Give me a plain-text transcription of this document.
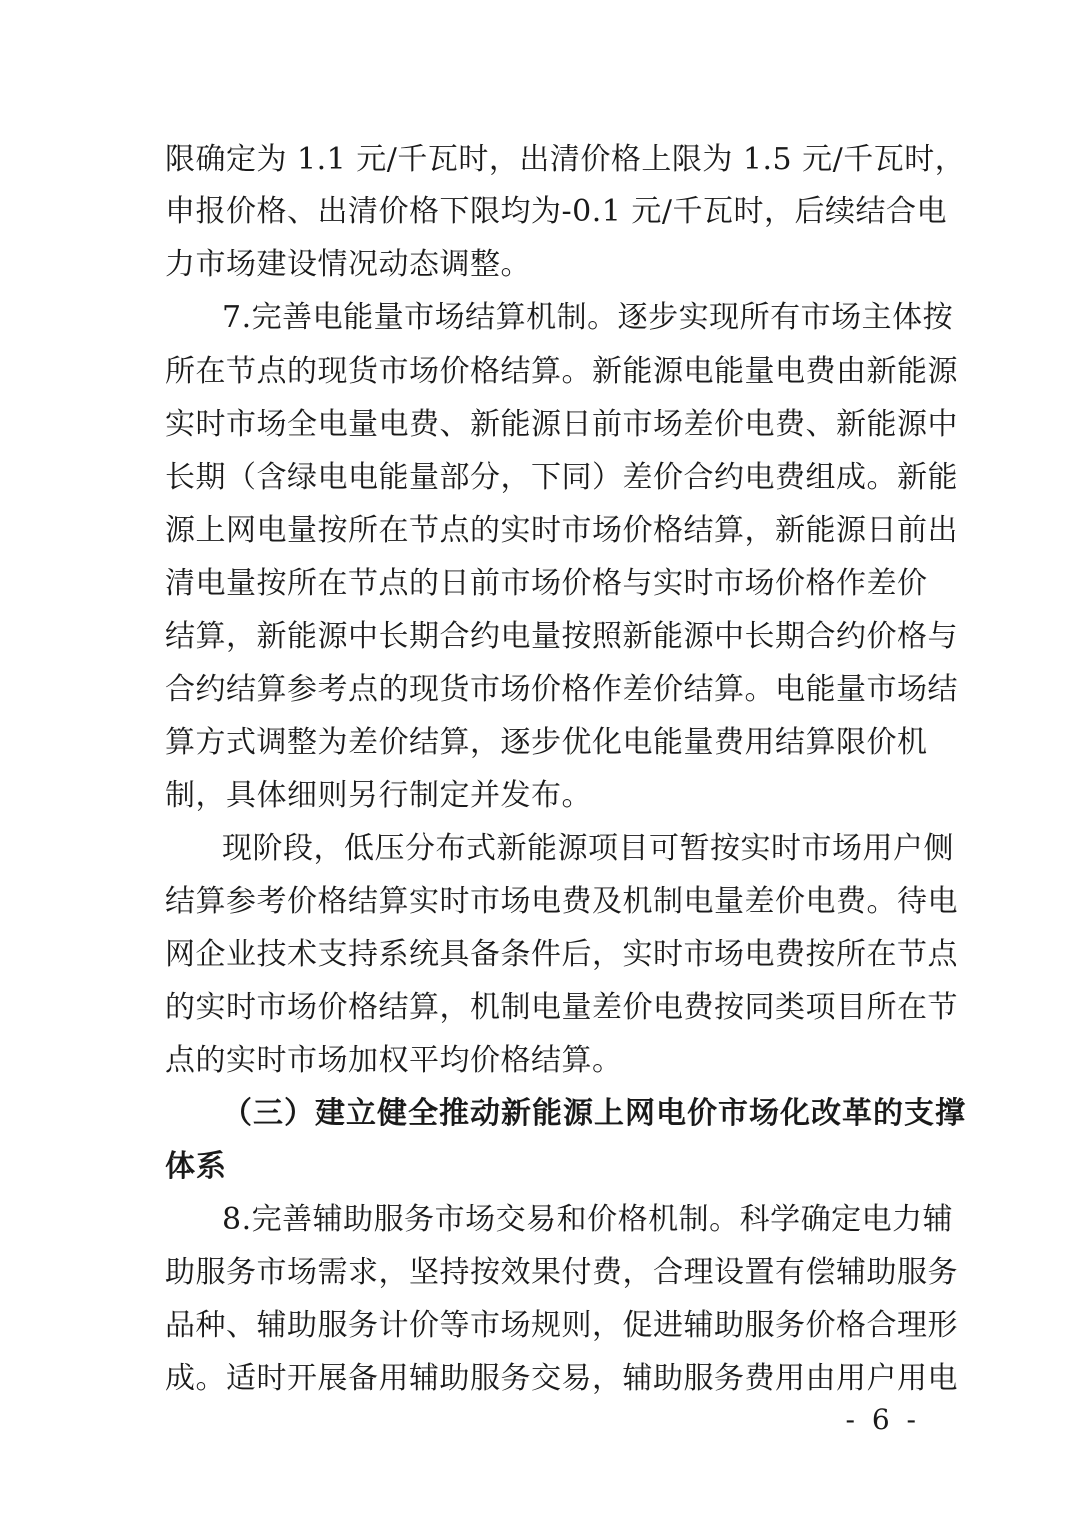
限确定为 1.1 元/千瓦时，出清价格上限为 1.5 元/千瓦时，
申报价格、出清价格下限均为-0.1 元/千瓦时，后续结合电
力市场建设情况动态调整。
7.完善电能量市场结算机制。逐步实现所有市场主体按
所在节点的现货市场价格结算。新能源电能量电费由新能源
实时市场全电量电费、新能源日前市场差价电费、新能源中
长期（含绿电电能量部分，下同）差价合约电费组成。新能
源上网电量按所在节点的实时市场价格结算，新能源日前出
清电量按所在节点的日前市场价格与实时市场价格作差价
结算，新能源中长期合约电量按照新能源中长期合约价格与
合约结算参考点的现货市场价格作差价结算。电能量市场结
算方式调整为差价结算，逐步优化电能量费用结算限价机
制，具体细则另行制定并发布。
现阶段，低压分布式新能源项目可暂按实时市场用户侧
结算参考价格结算实时市场电费及机制电量差价电费。待电
网企业技术支持系统具备条件后，实时市场电费按所在节点
的实时市场价格结算，机制电量差价电费按同类项目所在节
点的实时市场加权平均价格结算。
（三）建立健全推动新能源上网电价市场化改革的支撑
体系
8.完善辅助服务市场交易和价格机制。科学确定电力辅
助服务市场需求，坚持按效果付费，合理设置有偿辅助服务
品种、辅助服务计价等市场规则，促进辅助服务价格合理形
成。适时开展备用辅助服务交易，辅助服务费用由用户用电
- 6 -
